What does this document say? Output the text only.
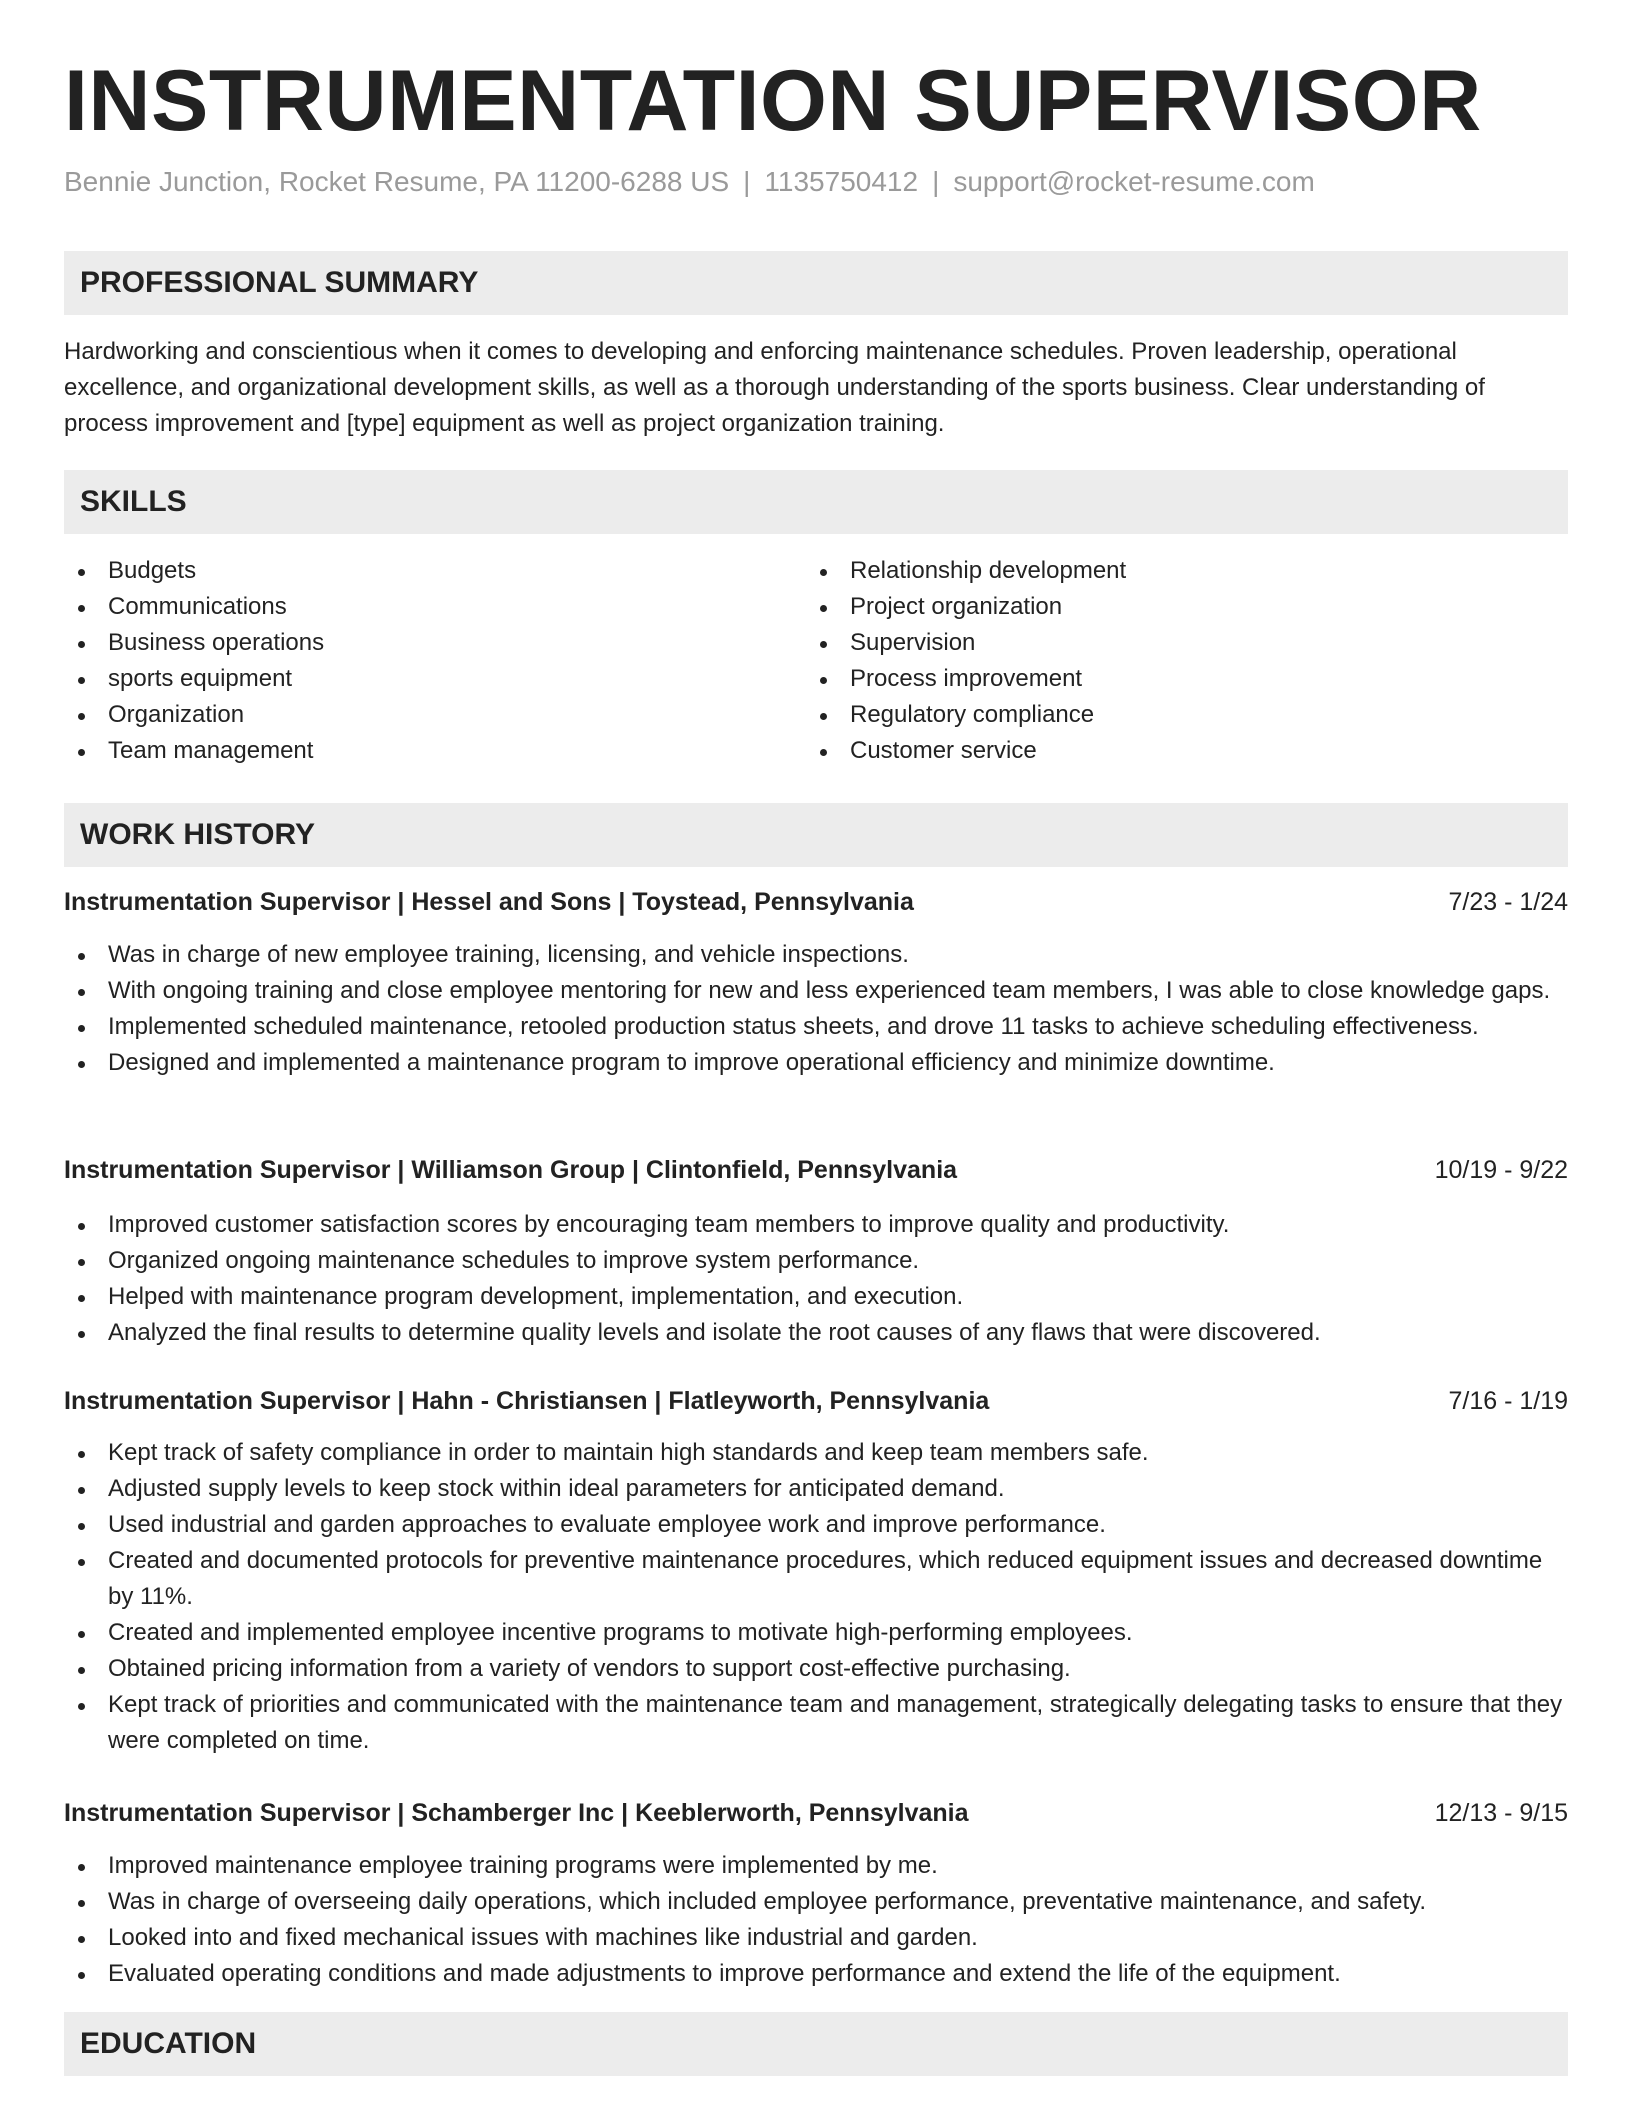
INSTRUMENTATION SUPERVISOR
Bennie Junction, Rocket Resume, PA 11200-6288 US | 1135750412 | support@rocket-resume.com
PROFESSIONAL SUMMARY

Hardworking and conscientious when it comes to developing and enforcing maintenance schedules. Proven leadership, operational excellence, and organizational development skills, as well as a thorough understanding of the sports business. Clear understanding of process improvement and [type] equipment as well as project organization training.

SKILLS
Budgets
Communications
Business operations
sports equipment
Organization
Team management
Relationship development
Project organization
Supervision
Process improvement
Regulatory compliance
Customer service
WORK HISTORY
Instrumentation Supervisor | Hessel and Sons | Toystead, Pennsylvania	7/23 - 1/24
Was in charge of new employee training, licensing, and vehicle inspections.
With ongoing training and close employee mentoring for new and less experienced team members, I was able to close knowledge gaps.
Implemented scheduled maintenance, retooled production status sheets, and drove 11 tasks to achieve scheduling effectiveness.
Designed and implemented a maintenance program to improve operational efficiency and minimize downtime.
Instrumentation Supervisor | Williamson Group | Clintonfield, Pennsylvania	10/19 - 9/22
Improved customer satisfaction scores by encouraging team members to improve quality and productivity.
Organized ongoing maintenance schedules to improve system performance.
Helped with maintenance program development, implementation, and execution.
Analyzed the final results to determine quality levels and isolate the root causes of any flaws that were discovered.
Instrumentation Supervisor | Hahn - Christiansen | Flatleyworth, Pennsylvania	7/16 - 1/19
Kept track of safety compliance in order to maintain high standards and keep team members safe.
Adjusted supply levels to keep stock within ideal parameters for anticipated demand.
Used industrial and garden approaches to evaluate employee work and improve performance.
Created and documented protocols for preventive maintenance procedures, which reduced equipment issues and decreased downtime by 11%.
Created and implemented employee incentive programs to motivate high-performing employees.
Obtained pricing information from a variety of vendors to support cost-effective purchasing.
Kept track of priorities and communicated with the maintenance team and management, strategically delegating tasks to ensure that they were completed on time.
Instrumentation Supervisor | Schamberger Inc | Keeblerworth, Pennsylvania	12/13 - 9/15
Improved maintenance employee training programs were implemented by me.
Was in charge of overseeing daily operations, which included employee performance, preventative maintenance, and safety.
Looked into and fixed mechanical issues with machines like industrial and garden.
Evaluated operating conditions and made adjustments to improve performance and extend the life of the equipment.
EDUCATION
